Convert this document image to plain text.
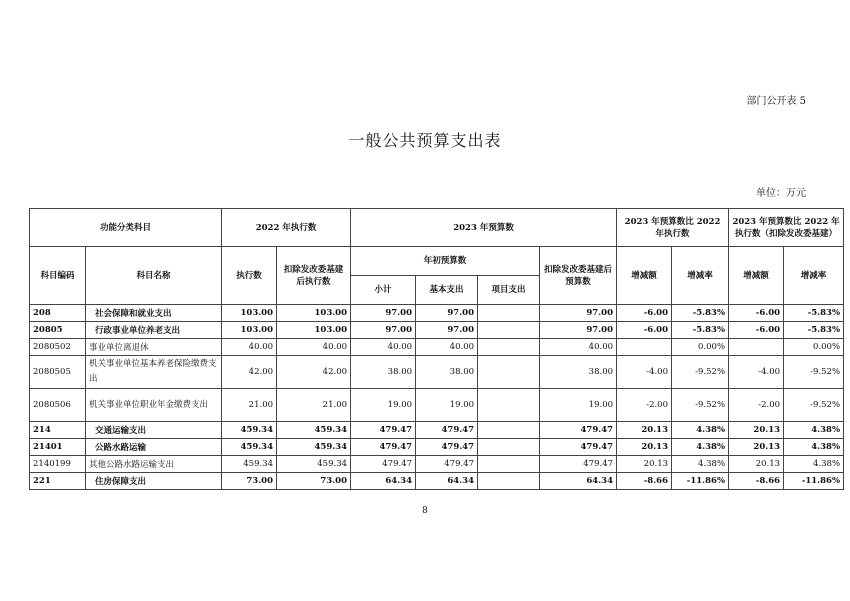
部门公开表 5
一般公共预算支出表
单位：万元
功能分类科目		2022 年执行数		2023 年预算数				2023 年预算数比 2022 年执行数		2023 年预算数比 2022 年执行数（扣除发改委基建）	
科目编码	科目名称	执行数	扣除发改委基建后执行数	年初预算数			扣除发改委基建后预算数	增减额	增减率	增减额	增减率
				小计	基本支出	项目支出					
208	社会保障和就业支出	103.00	103.00	97.00	97.00		97.00	-6.00	-5.83%	-6.00	-5.83%
20805	行政事业单位养老支出	103.00	103.00	97.00	97.00		97.00	-6.00	-5.83%	-6.00	-5.83%
2080502	事业单位离退休	40.00	40.00	40.00	40.00		40.00		0.00%		0.00%
2080505	机关事业单位基本养老保险缴费支出	42.00	42.00	38.00	38.00		38.00	-4.00	-9.52%	-4.00	-9.52%
2080506	机关事业单位职业年金缴费支出	21.00	21.00	19.00	19.00		19.00	-2.00	-9.52%	-2.00	-9.52%
214	交通运输支出	459.34	459.34	479.47	479.47		479.47	20.13	4.38%	20.13	4.38%
21401	公路水路运输	459.34	459.34	479.47	479.47		479.47	20.13	4.38%	20.13	4.38%
2140199	其他公路水路运输支出	459.34	459.34	479.47	479.47		479.47	20.13	4.38%	20.13	4.38%
221	住房保障支出	73.00	73.00	64.34	64.34		64.34	-8.66	-11.86%	-8.66	-11.86%
8
